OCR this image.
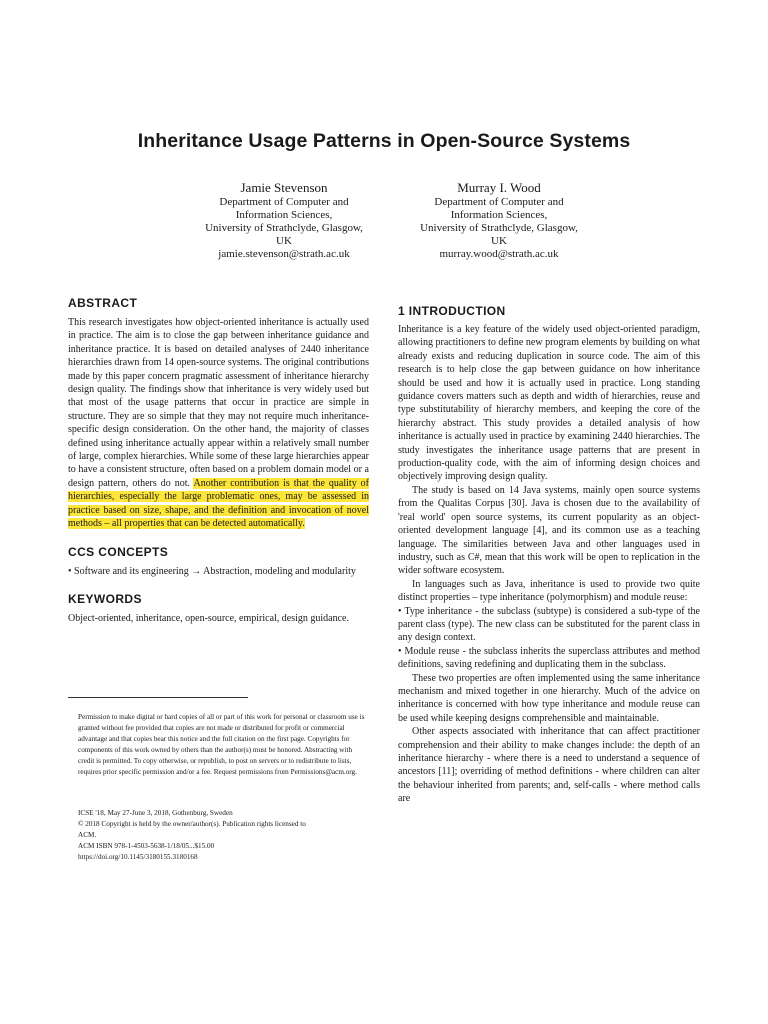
Inheritance Usage Patterns in Open-Source Systems
Jamie Stevenson
Department of Computer and
Information Sciences,
University of Strathclyde, Glasgow,
UK
jamie.stevenson@strath.ac.uk
Murray I. Wood
Department of Computer and
Information Sciences,
University of Strathclyde, Glasgow,
UK
murray.wood@strath.ac.uk
ABSTRACT

This research investigates how object-oriented inheritance is actually used in practice. The aim is to close the gap between inheritance guidance and inheritance practice. It is based on detailed analyses of 2440 inheritance hierarchies drawn from 14 open-source systems. The original contributions made by this paper concern pragmatic assessment of inheritance hierarchy design quality. The findings show that inheritance is very widely used but that most of the usage patterns that occur in practice are simple in structure. They are so simple that they may not require much inheritance-specific design consideration. On the other hand, the majority of classes defined using inheritance actually appear within a relatively small number of large, complex hierarchies. While some of these large hierarchies appear to have a consistent structure, often based on a problem domain model or a design pattern, others do not. Another contribution is that the quality of hierarchies, especially the large problematic ones, may be assessed in practice based on size, shape, and the definition and invocation of novel methods – all properties that can be detected automatically.

CCS CONCEPTS

• Software and its engineering → Abstraction, modeling and modularity

KEYWORDS

Object-oriented, inheritance, open-source, empirical, design guidance.

Permission to make digital or hard copies of all or part of this work for personal or classroom use is granted without fee provided that copies are not made or distributed for profit or commercial advantage and that copies bear this notice and the full citation on the first page. Copyrights for components of this work owned by others than the author(s) must be honored. Abstracting with credit is permitted. To copy otherwise, or republish, to post on servers or to redistribute to lists, requires prior specific permission and/or a fee. Request permissions from Permissions@acm.org.

ICSE '18, May 27-June 3, 2018, Gothenburg, Sweden
© 2018 Copyright is held by the owner/author(s). Publication rights licensed to
ACM.
ACM ISBN 978-1-4503-5638-1/18/05...$15.00
https://doi.org/10.1145/3180155.3180168
1 INTRODUCTION

Inheritance is a key feature of the widely used object-oriented paradigm, allowing practitioners to define new program elements by building on what already exists and reducing duplication in source code. The aim of this research is to help close the gap between guidance on how inheritance should be used and how it is actually used in practice. Long standing guidance covers matters such as depth and width of hierarchies, reuse and type substitutability of hierarchy members, and keeping the core of the hierarchy abstract. This study provides a detailed analysis of how inheritance is actually used in practice by examining 2440 hierarchies. The study investigates the inheritance usage patterns that are present in production-quality code, with the aim of informing design choices and objectively improving design quality.

The study is based on 14 Java systems, mainly open source systems from the Qualitas Corpus [30]. Java is chosen due to the availability of 'real world' open source systems, its current popularity as an object-oriented development language [4], and its common use as a teaching language. The similarities between Java and other languages used in industry, such as C#, mean that this work will be open to replication in the wider software ecosystem.

In languages such as Java, inheritance is used to provide two quite distinct properties – type inheritance (polymorphism) and module reuse:

• Type inheritance - the subclass (subtype) is considered a sub-type of the parent class (type). The new class can be substituted for the parent class in any design context.

• Module reuse - the subclass inherits the superclass attributes and method definitions, saving redefining and duplicating them in the subclass.

These two properties are often implemented using the same inheritance mechanism and mixed together in one hierarchy. Much of the advice on inheritance is concerned with how type inheritance and module reuse can be used while keeping designs comprehensible and maintainable.

Other aspects associated with inheritance that can affect practitioner comprehension and their ability to make changes include: the depth of an inheritance hierarchy - where there is a need to understand a sequence of ancestors [11]; overriding of method definitions - where children can alter the behaviour inherited from parents; and, self-calls - where method calls are
